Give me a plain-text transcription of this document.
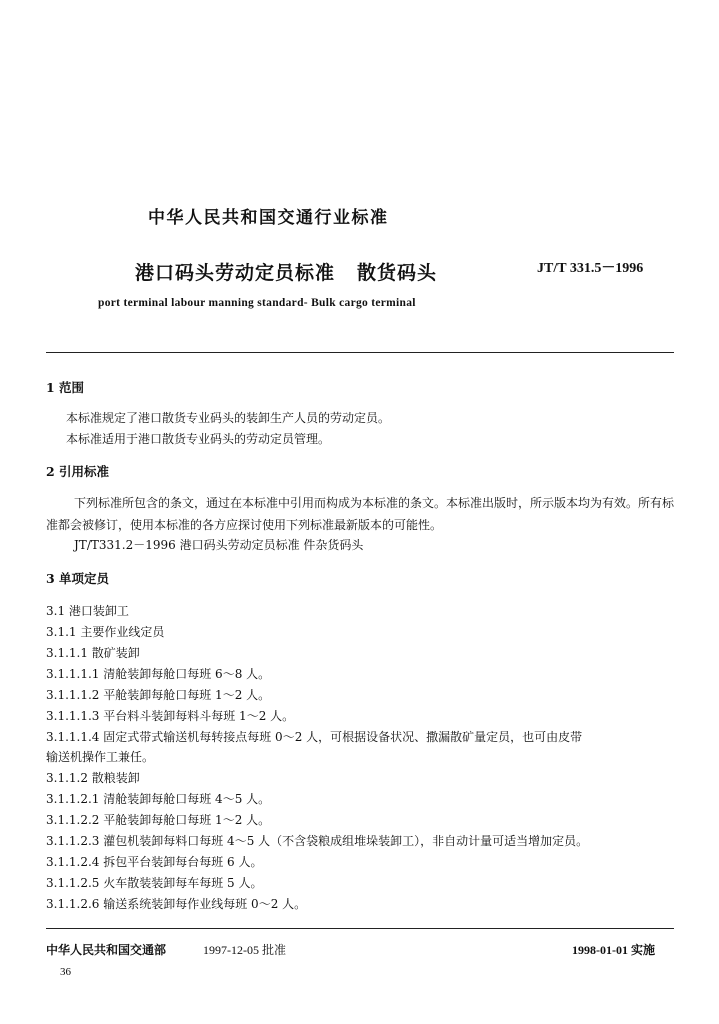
中华人民共和国交通行业标准
港口码头劳动定员标准 散货码头	JT/T 331.5－1996
port terminal labour manning standard- Bulk cargo terminal
1 范围
本标准规定了港口散货专业码头的装卸生产人员的劳动定员。
本标准适用于港口散货专业码头的劳动定员管理。
2 引用标准
下列标准所包含的条文，通过在本标准中引用而构成为本标准的条文。本标准出版时，所示版本均为有效。所有标准都会被修订，使用本标准的各方应探讨使用下列标准最新版本的可能性。
JT/T331.2－1996 港口码头劳动定员标准 件杂货码头
3 单项定员
3.1 港口装卸工
3.1.1 主要作业线定员
3.1.1.1 散矿装卸
3.1.1.1.1 清舱装卸每舱口每班 6～8 人。
3.1.1.1.2 平舱装卸每舱口每班 1～2 人。
3.1.1.1.3 平台料斗装卸每料斗每班 1～2 人。
3.1.1.1.4 固定式带式输送机每转接点每班 0～2 人，可根据设备状况、撒漏散矿量定员，也可由皮带
输送机操作工兼任。
3.1.1.2 散粮装卸
3.1.1.2.1 清舱装卸每舱口每班 4～5 人。
3.1.1.2.2 平舱装卸每舱口每班 1～2 人。
3.1.1.2.3 灌包机装卸每料口每班 4～5 人（不含袋粮成组堆垛装卸工），非自动计量可适当增加定员。
3.1.1.2.4 拆包平台装卸每台每班 6 人。
3.1.1.2.5 火车散装装卸每车每班 5 人。
3.1.1.2.6 输送系统装卸每作业线每班 0～2 人。
中华人民共和国交通部	1997-12-05 批准	1998-01-01 实施
36
